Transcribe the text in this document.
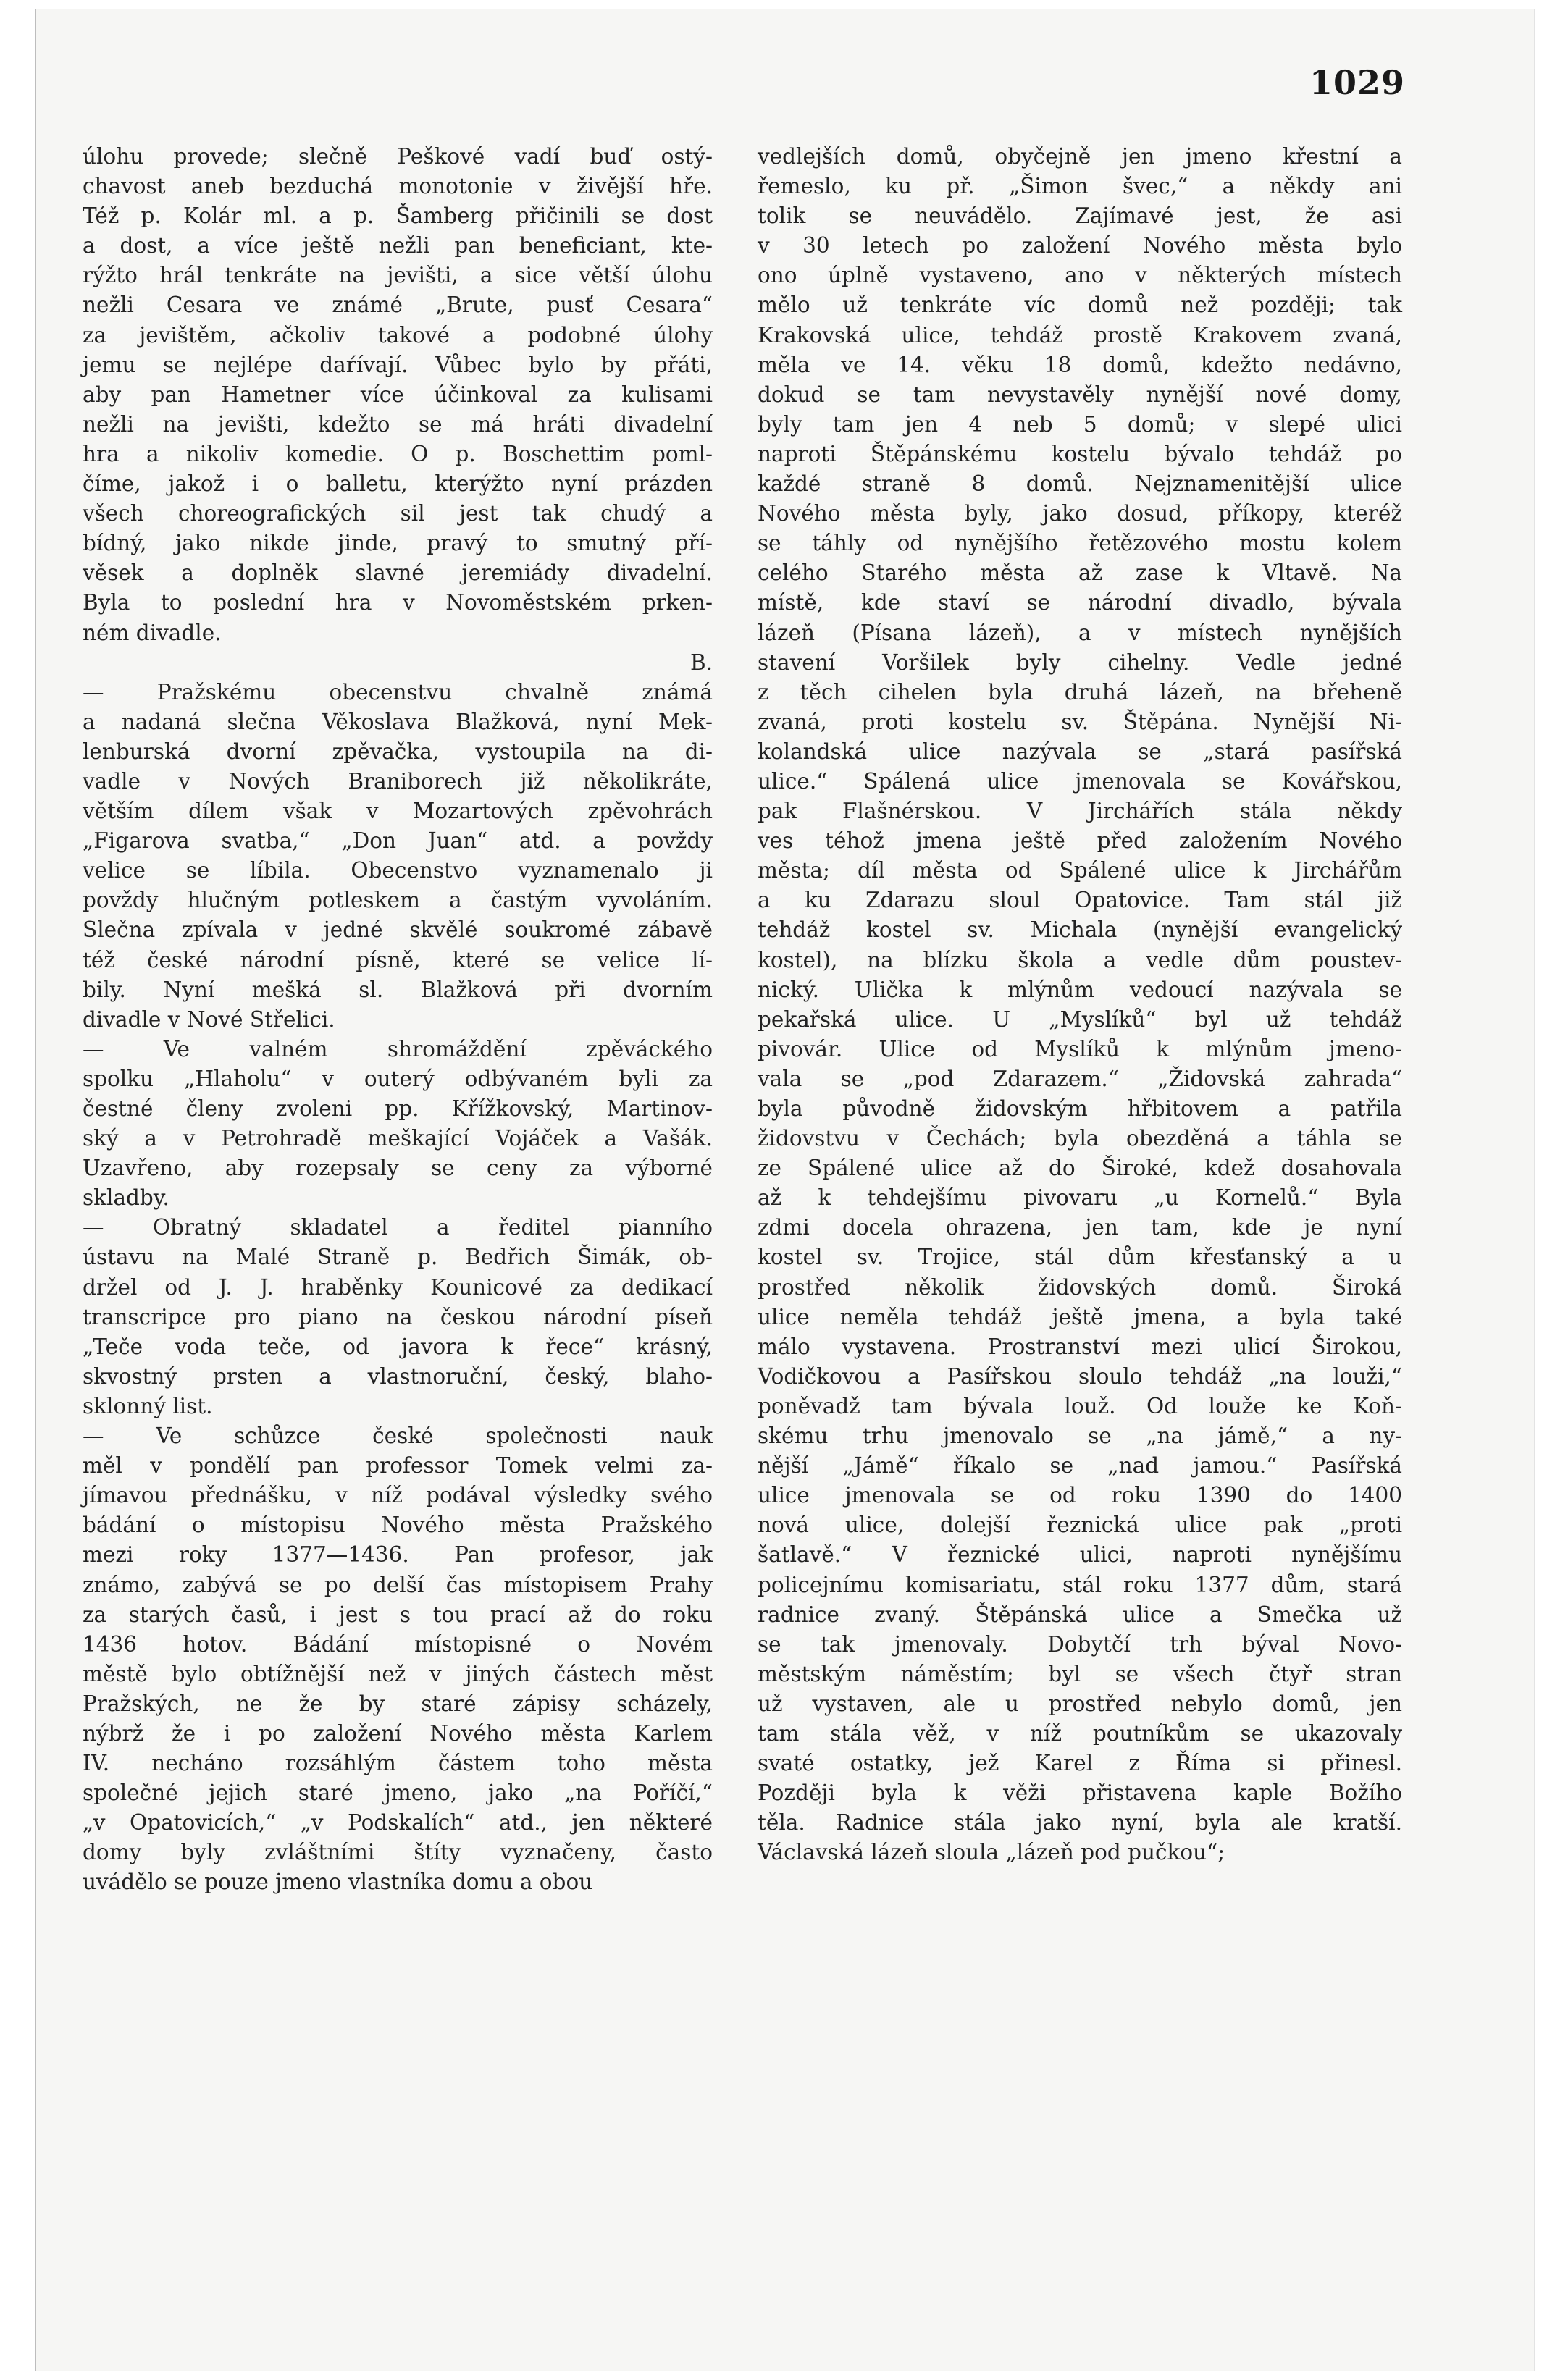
1029
úlohu provede; slečně Peškové vadí buď ostý-
chavost aneb bezduchá monotonie v živější hře.
Též p. Kolár ml. a p. Šamberg přičinili se dost
a dost, a více ještě nežli pan beneficiant, kte-
rýžto hrál tenkráte na jevišti, a sice větší úlohu
nežli Cesara ve známé „Brute, pusť Cesara“
za jevištěm, ačkoliv takové a podobné úlohy
jemu se nejlépe daŕívají. Vůbec bylo by přáti,
aby pan Hametner více účinkoval za kulisami
nežli na jevišti, kdežto se má hráti divadelní
hra a nikoliv komedie. O p. Boschettim poml-
číme, jakož i o balletu, kterýžto nyní prázden
všech choreografických sil jest tak chudý a
bídný, jako nikde jinde, pravý to smutný pří-
věsek a doplněk slavné jeremiády divadelní.
Byla to poslední hra v Novoměstském prken-
ném divadle.
B.
— Pražskému obecenstvu chvalně známá
a nadaná slečna Věkoslava Blažková, nyní Mek-
lenburská dvorní zpěvačka, vystoupila na di-
vadle v Nových Braniborech již několikráte,
větším dílem však v Mozartových zpěvohrách
„Figarova svatba,“ „Don Juan“ atd. a povždy
velice se líbila. Obecenstvo vyznamenalo ji
povždy hlučným potleskem a častým vyvoláním.
Slečna zpívala v jedné skvělé soukromé zábavě
též české národní písně, které se velice lí-
bily. Nyní mešká sl. Blažková při dvorním
divadle v Nové Střelici.
— Ve valném shromáždění zpěváckého
spolku „Hlaholu“ v outerý odbývaném byli za
čestné členy zvoleni pp. Křížkovský, Martinov-
ský a v Petrohradě meškající Vojáček a Vašák.
Uzavřeno, aby rozepsaly se ceny za výborné
skladby.
— Obratný skladatel a ředitel pianního
ústavu na Malé Straně p. Bedřich Šimák, ob-
držel od J. J. hraběnky Kounicové za dedikací
transcripce pro piano na českou národní píseň
„Teče voda teče, od javora k řece“ krásný,
skvostný prsten a vlastnoruční, český, blaho-
sklonný list.
— Ve schůzce české společnosti nauk
měl v pondělí pan professor Tomek velmi za-
jímavou přednášku, v níž podával výsledky svého
bádání o místopisu Nového města Pražského
mezi roky 1377—1436. Pan profesor, jak
známo, zabývá se po delší čas místopisem Prahy
za starých časů, i jest s tou prací až do roku
1436 hotov. Bádání místopisné o Novém
městě bylo obtížnější než v jiných částech měst
Pražských, ne že by staré zápisy scházely,
nýbrž že i po založení Nového města Karlem
IV. necháno rozsáhlým částem toho města
společné jejich staré jmeno, jako „na Poříčí,“
„v Opatovicích,“ „v Podskalích“ atd., jen některé
domy byly zvláštními štíty vyznačeny, často
uvádělo se pouze jmeno vlastníka domu a obou
vedlejších domů, obyčejně jen jmeno křestní a
řemeslo, ku př. „Šimon švec,“ a někdy ani
tolik se neuvádělo. Zajímavé jest, že asi
v 30 letech po založení Nového města bylo
ono úplně vystaveno, ano v některých místech
mělo už tenkráte víc domů než později; tak
Krakovská ulice, tehdáž prostě Krakovem zvaná,
měla ve 14. věku 18 domů, kdežto nedávno,
dokud se tam nevystavěly nynější nové domy,
byly tam jen 4 neb 5 domů; v slepé ulici
naproti Štěpánskému kostelu bývalo tehdáž po
každé straně 8 domů. Nejznamenitější ulice
Nového města byly, jako dosud, příkopy, kteréž
se táhly od nynějšího řetězového mostu kolem
celého Starého města až zase k Vltavě. Na
místě, kde staví se národní divadlo, bývala
lázeň (Písana lázeň), a v místech nynějších
stavení Voršilek byly cihelny. Vedle jedné
z těch cihelen byla druhá lázeň, na břeheně
zvaná, proti kostelu sv. Štěpána. Nynější Ni-
kolandská ulice nazývala se „stará pasířská
ulice.“ Spálená ulice jmenovala se Kovářskou,
pak Flašnérskou. V Jirchářích stála někdy
ves téhož jmena ještě před založením Nového
města; díl města od Spálené ulice k Jirchářům
a ku Zdarazu sloul Opatovice. Tam stál již
tehdáž kostel sv. Michala (nynější evangelický
kostel), na blízku škola a vedle dům poustev-
nický. Ulička k mlýnům vedoucí nazývala se
pekařská ulice. U „Myslíků“ byl už tehdáž
pivovár. Ulice od Myslíků k mlýnům jmeno-
vala se „pod Zdarazem.“ „Židovská zahrada“
byla původně židovským hřbitovem a patřila
židovstvu v Čechách; byla obezděná a táhla se
ze Spálené ulice až do Široké, kdež dosahovala
až k tehdejšímu pivovaru „u Kornelů.“ Byla
zdmi docela ohrazena, jen tam, kde je nyní
kostel sv. Trojice, stál dům křesťanský a u
prostřed několik židovských domů. Široká
ulice neměla tehdáž ještě jmena, a byla také
málo vystavena. Prostranství mezi ulicí Širokou,
Vodičkovou a Pasířskou sloulo tehdáž „na louži,“
poněvadž tam bývala louž. Od louže ke Koň-
skému trhu jmenovalo se „na jámě,“ a ny-
nější „Jámě“ říkalo se „nad jamou.“ Pasířská
ulice jmenovala se od roku 1390 do 1400
nová ulice, dolejší řeznická ulice pak „proti
šatlavě.“ V řeznické ulici, naproti nynějšímu
policejnímu komisariatu, stál roku 1377 dům, stará
radnice zvaný. Štěpánská ulice a Smečka už
se tak jmenovaly. Dobytčí trh býval Novo-
městským náměstím; byl se všech čtyř stran
už vystaven, ale u prostřed nebylo domů, jen
tam stála věž, v níž poutníkům se ukazovaly
svaté ostatky, jež Karel z Říma si přinesl.
Později byla k věži přistavena kaple Božího
těla. Radnice stála jako nyní, byla ale kratší.
Václavská lázeň sloula „lázeň pod pučkou“;
